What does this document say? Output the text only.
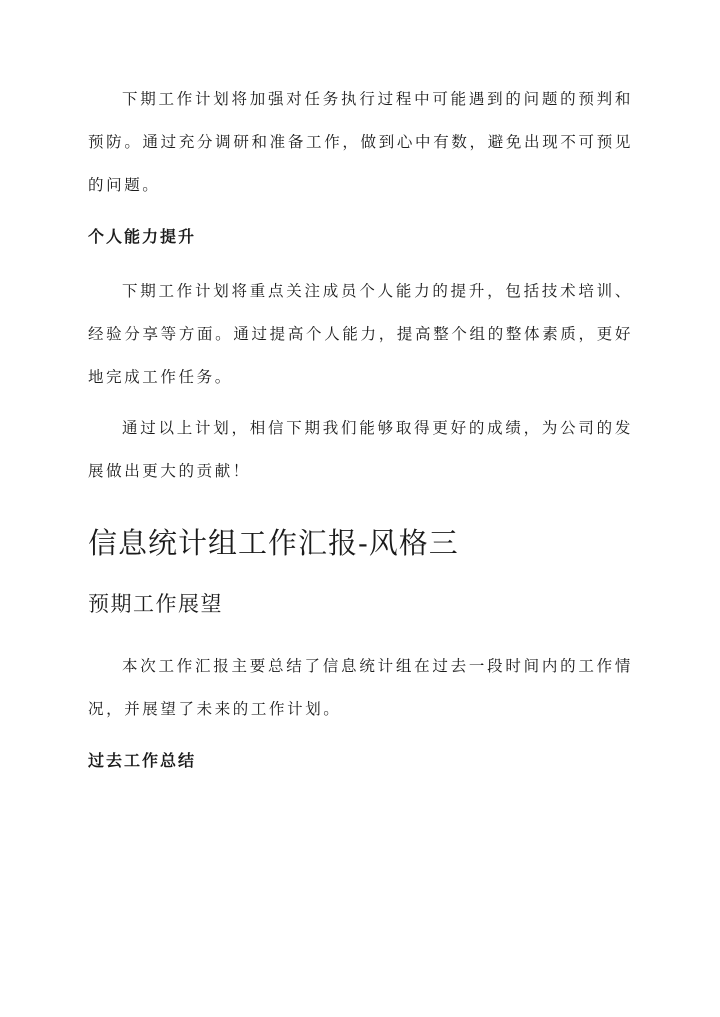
下期工作计划将加强对任务执行过程中可能遇到的问题的预判和预防。通过充分调研和准备工作，做到心中有数，避免出现不可预见的问题。

个人能力提升

下期工作计划将重点关注成员个人能力的提升，包括技术培训、经验分享等方面。通过提高个人能力，提高整个组的整体素质，更好地完成工作任务。

通过以上计划，相信下期我们能够取得更好的成绩，为公司的发展做出更大的贡献！

信息统计组工作汇报-风格三
预期工作展望

本次工作汇报主要总结了信息统计组在过去一段时间内的工作情况，并展望了未来的工作计划。

过去工作总结
